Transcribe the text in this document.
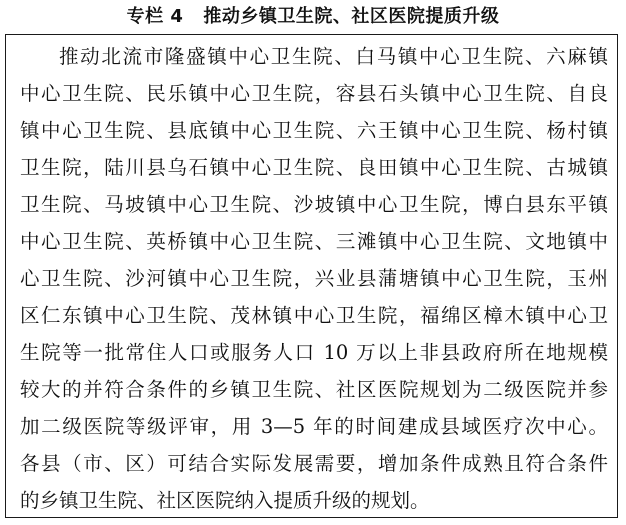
专栏 4 推动乡镇卫生院、社区医院提质升级
推动北流市隆盛镇中心卫生院、白马镇中心卫生院、六麻镇
中心卫生院、民乐镇中心卫生院，容县石头镇中心卫生院、自良
镇中心卫生院、县底镇中心卫生院、六王镇中心卫生院、杨村镇
卫生院，陆川县乌石镇中心卫生院、良田镇中心卫生院、古城镇
卫生院、马坡镇中心卫生院、沙坡镇中心卫生院，博白县东平镇
中心卫生院、英桥镇中心卫生院、三滩镇中心卫生院、文地镇中
心卫生院、沙河镇中心卫生院，兴业县蒲塘镇中心卫生院，玉州
区仁东镇中心卫生院、茂林镇中心卫生院，福绵区樟木镇中心卫
生院等一批常住人口或服务人口 10 万以上非县政府所在地规模
较大的并符合条件的乡镇卫生院、社区医院规划为二级医院并参
加二级医院等级评审，用 3—5 年的时间建成县域医疗次中心。
各县（市、区）可结合实际发展需要，增加条件成熟且符合条件
的乡镇卫生院、社区医院纳入提质升级的规划。
